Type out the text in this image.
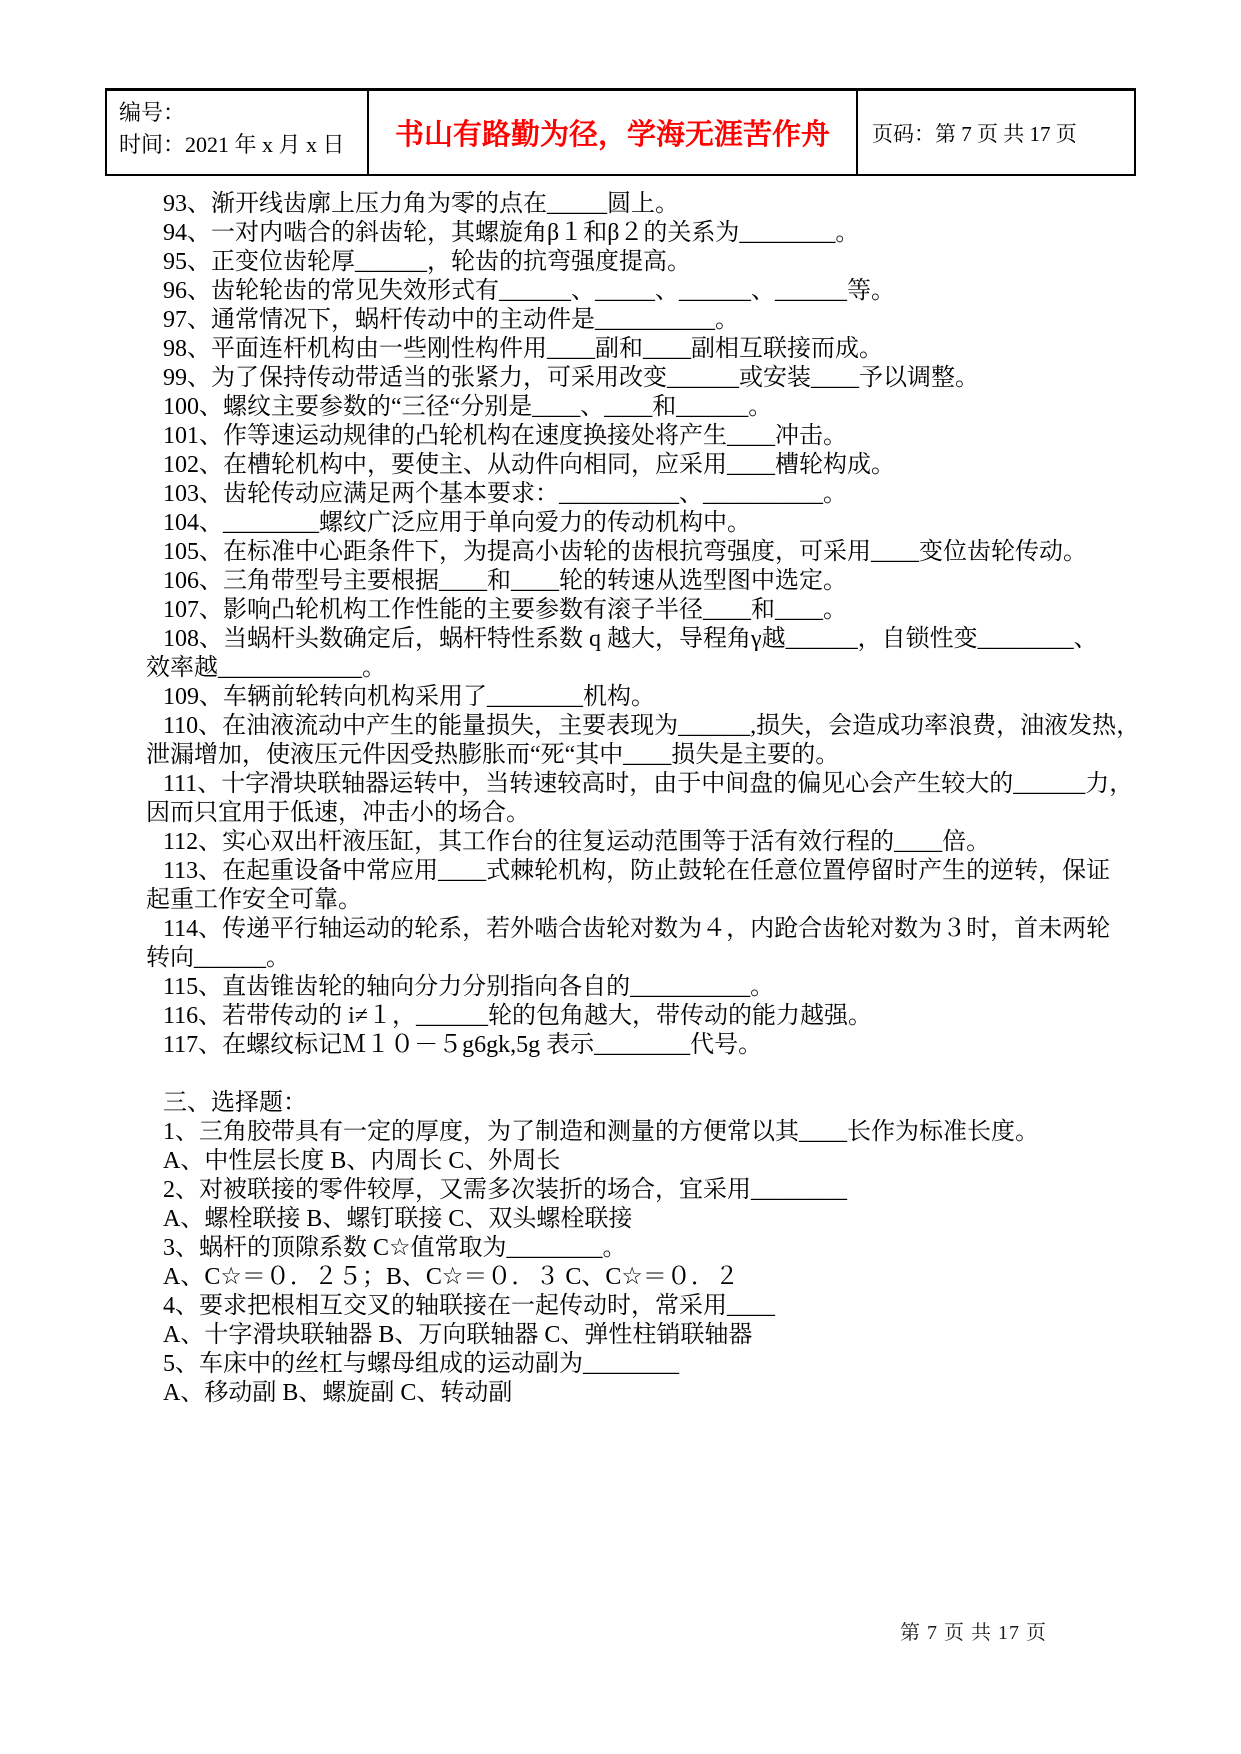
编号：
时间：2021 年 x 月 x 日	书山有路勤为径，学海无涯苦作舟 页码：第 7 页 共 17 页

93、渐开线齿廓上压力角为零的点在_____圆上。

94、一对内啮合的斜齿轮，其螺旋角β１和β２的关系为________。

95、正变位齿轮厚______，轮齿的抗弯强度提高。

96、齿轮轮齿的常见失效形式有______、_____、______、______等。

97、通常情况下，蜗杆传动中的主动件是__________。

98、平面连杆机构由一些刚性构件用____副和____副相互联接而成。

99、为了保持传动带适当的张紧力，可采用改变______或安装____予以调整。

100、螺纹主要参数的“三径“分别是____、____和______。

101、作等速运动规律的凸轮机构在速度换接处将产生____冲击。

102、在槽轮机构中，要使主、从动件向相同，应采用____槽轮构成。

103、齿轮传动应满足两个基本要求：__________、__________。

104、________螺纹广泛应用于单向爱力的传动机构中。

105、在标准中心距条件下，为提高小齿轮的齿根抗弯强度，可采用____变位齿轮传动。

106、三角带型号主要根据____和____轮的转速从选型图中选定。

107、影响凸轮机构工作性能的主要参数有滚子半径____和____。

108、当蜗杆头数确定后，蜗杆特性系数 q 越大，导程角γ越______，自锁性变________、
效率越____________。

109、车辆前轮转向机构采用了________机构。

110、在油液流动中产生的能量损失，主要表现为______,损失，会造成功率浪费，油液发热，
泄漏增加，使液压元件因受热膨胀而“死“其中____损失是主要的。

111、十字滑块联轴器运转中，当转速较高时，由于中间盘的偏见心会产生较大的______力，
因而只宜用于低速，冲击小的场合。

112、实心双出杆液压缸，其工作台的往复运动范围等于活有效行程的____倍。

113、在起重设备中常应用____式棘轮机构，防止鼓轮在任意位置停留时产生的逆转，保证
起重工作安全可靠。

114、传递平行轴运动的轮系，若外啮合齿轮对数为４，内跄合齿轮对数为３时，首未两轮
转向______。

115、直齿锥齿轮的轴向分力分别指向各自的__________。

116、若带传动的 i≠１，______轮的包角越大，带传动的能力越强。

117、在螺纹标记Ｍ１０－５g6gk,5g 表示________代号。

三、选择题：

1、三角胶带具有一定的厚度，为了制造和测量的方便常以其____长作为标准长度。

A、中性层长度 B、内周长 C、外周长

2、对被联接的零件较厚，又需多次装折的场合，宜采用________

A、螺栓联接 B、螺钉联接 C、双头螺栓联接

3、蜗杆的顶隙系数 C☆值常取为________。

A、C☆＝０．２５；B、C☆＝０．３ C、C☆＝０．２

4、要求把根相互交叉的轴联接在一起传动时，常采用____

A、十字滑块联轴器 B、万向联轴器 C、弹性柱销联轴器

5、车床中的丝杠与螺母组成的运动副为________

A、移动副 B、螺旋副 C、转动副

第 7 页 共 17 页
